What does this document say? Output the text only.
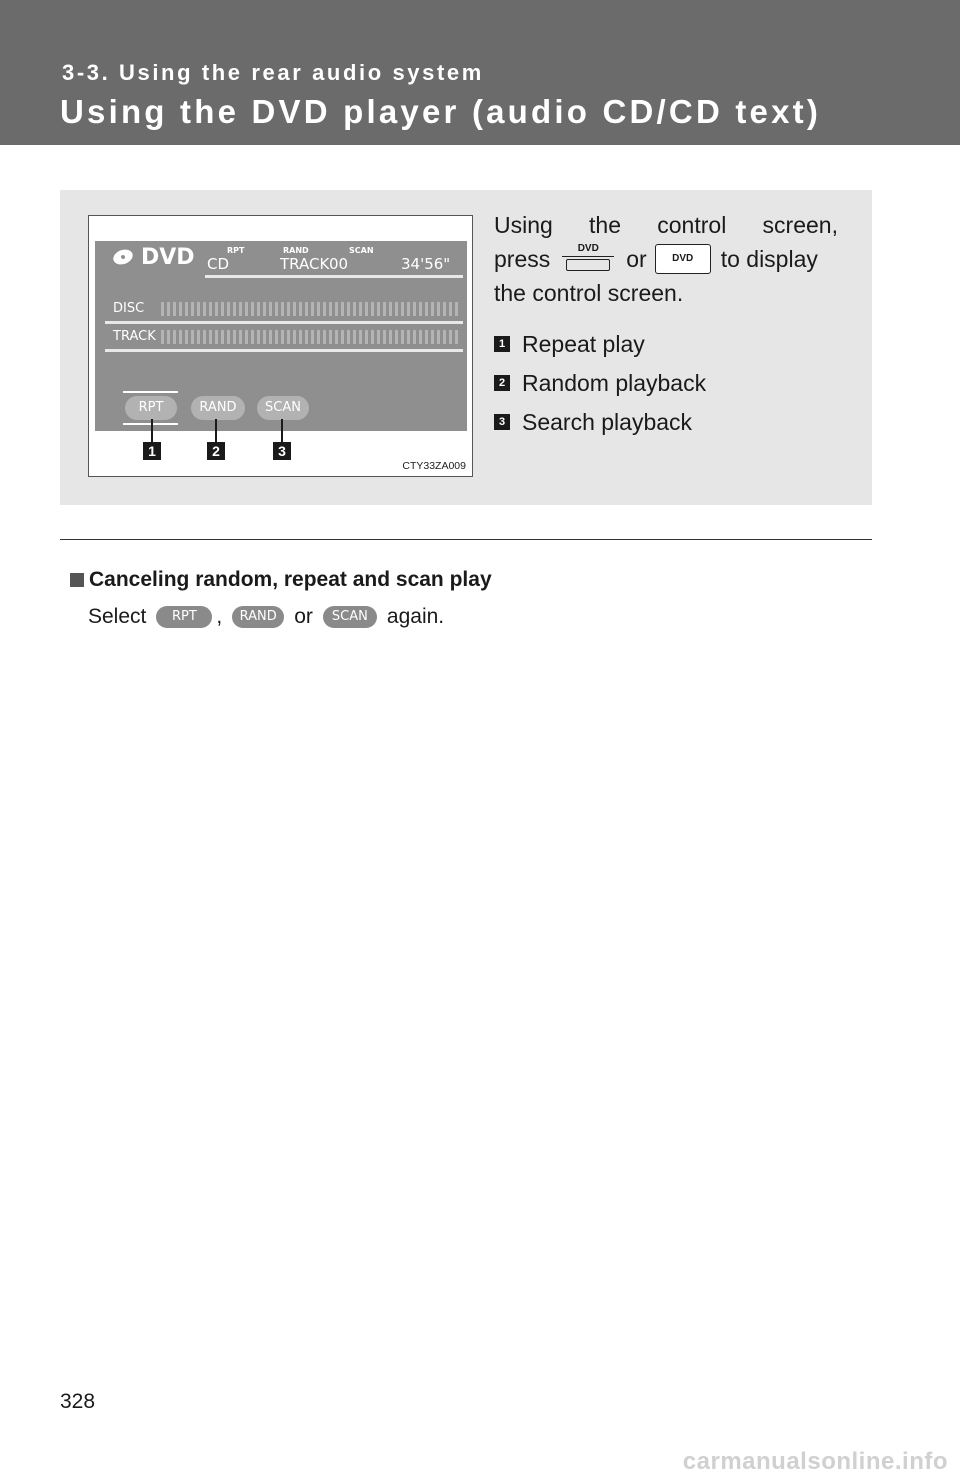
3-3. Using the rear audio system
Using the DVD player (audio CD/CD text)
DVD	RPT	RAND	SCAN
CD	TRACK 00	34'56"
DISC
TRACK
RPT	RAND	SCAN
1	2	3
CTY33ZA009
Using the control screen,
press	DVD	or	DVD	to display
the control screen.
1 Repeat play
2 Random playback
3 Search playback
Canceling random, repeat and scan play
Select	RPT ,	RAND or	SCAN again.
328
carmanualsonline.info
